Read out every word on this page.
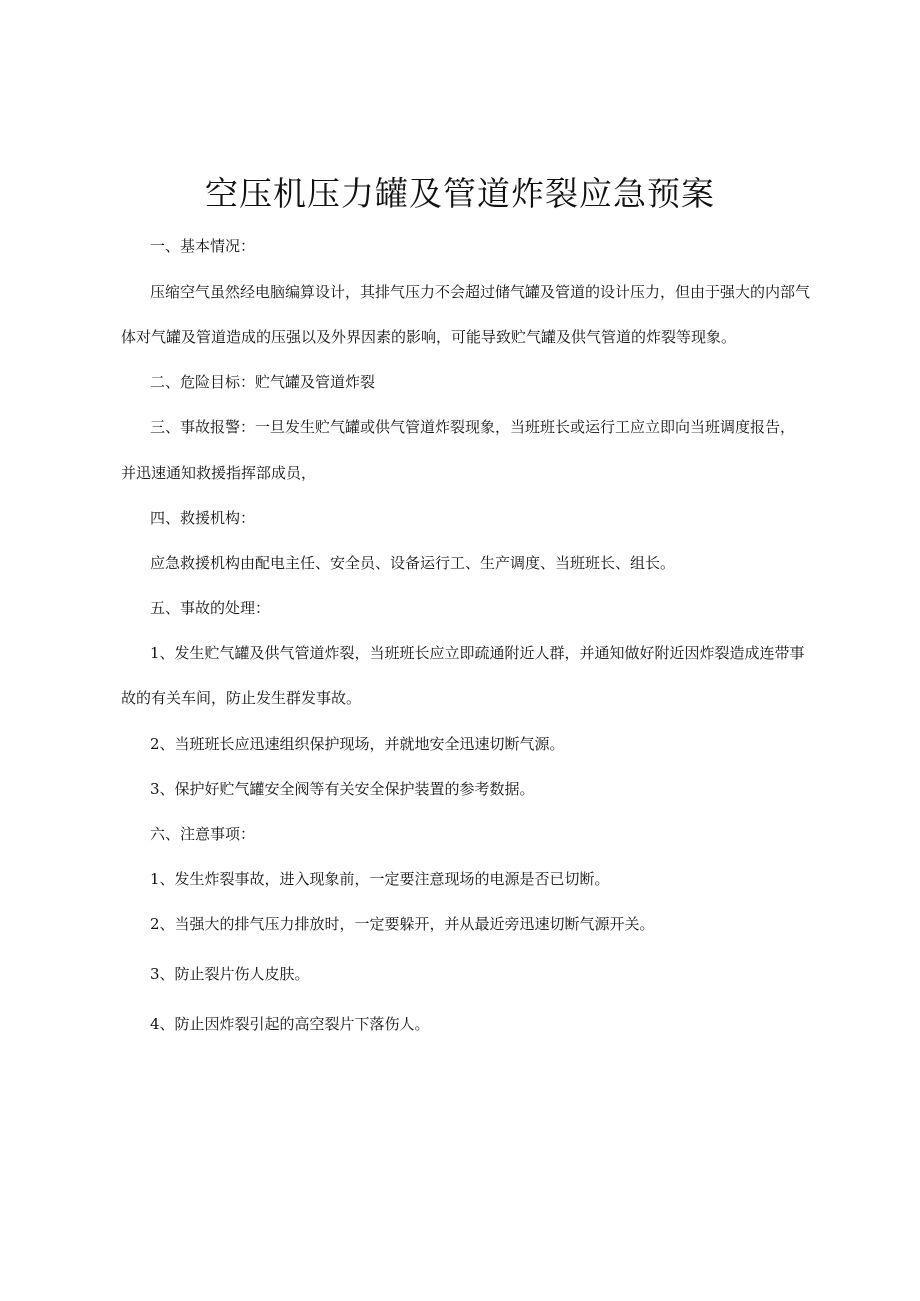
空压机压力罐及管道炸裂应急预案
一、基本情况：
压缩空气虽然经电脑编算设计，其排气压力不会超过储气罐及管道的设计压力，但由于强大的内部气
体对气罐及管道造成的压强以及外界因素的影响，可能导致贮气罐及供气管道的炸裂等现象。
二、危险目标：贮气罐及管道炸裂
三、事故报警：一旦发生贮气罐或供气管道炸裂现象，当班班长或运行工应立即向当班调度报告，
并迅速通知救援指挥部成员，
四、救援机构：
应急救援机构由配电主任、安全员、设备运行工、生产调度、当班班长、组长。
五、事故的处理：
1、发生贮气罐及供气管道炸裂，当班班长应立即疏通附近人群，并通知做好附近因炸裂造成连带事
故的有关车间，防止发生群发事故。
2、当班班长应迅速组织保护现场，并就地安全迅速切断气源。
3、保护好贮气罐安全阀等有关安全保护装置的参考数据。
六、注意事项：
1、发生炸裂事故，进入现象前，一定要注意现场的电源是否已切断。
2、当强大的排气压力排放时，一定要躲开，并从最近旁迅速切断气源开关。
3、防止裂片伤人皮肤。
4、防止因炸裂引起的高空裂片下落伤人。
